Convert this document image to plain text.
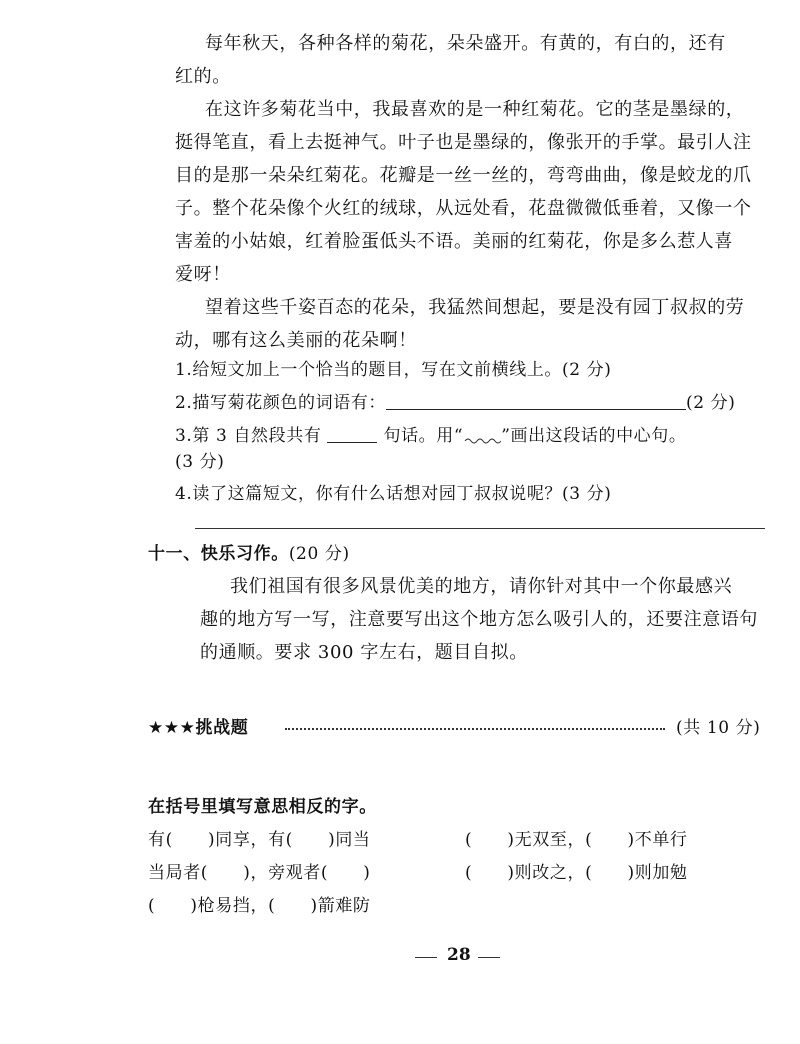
每年秋天，各种各样的菊花，朵朵盛开。有黄的，有白的，还有
红的。
在这许多菊花当中，我最喜欢的是一种红菊花。它的茎是墨绿的，
挺得笔直，看上去挺神气。叶子也是墨绿的，像张开的手掌。最引人注
目的是那一朵朵红菊花。花瓣是一丝一丝的，弯弯曲曲，像是蛟龙的爪
子。整个花朵像个火红的绒球，从远处看，花盘微微低垂着，又像一个
害羞的小姑娘，红着脸蛋低头不语。美丽的红菊花，你是多么惹人喜
爱呀！
望着这些千姿百态的花朵，我猛然间想起，要是没有园丁叔叔的劳
动，哪有这么美丽的花朵啊！
1.给短文加上一个恰当的题目，写在文前横线上。(2 分)
2.描写菊花颜色的词语有：	(2 分)
3.第 3 自然段共有	句话。用“ ”画出这段话的中心句。
(3 分)
4.读了这篇短文，你有什么话想对园丁叔叔说呢？(3 分)
十一、快乐习作。(20 分)
我们祖国有很多风景优美的地方，请你针对其中一个你最感兴
趣的地方写一写，注意要写出这个地方怎么吸引人的，还要注意语句
的通顺。要求 300 字左右，题目自拟。
★★★挑战题	(共 10 分)
在括号里填写意思相反的字。
有(　　)同享，有(　　)同当	(　　)无双至，(　　)不单行
当局者(　　)，旁观者(　　)	(　　)则改之，(　　)则加勉
(　　)枪易挡，(　　)箭难防
28
